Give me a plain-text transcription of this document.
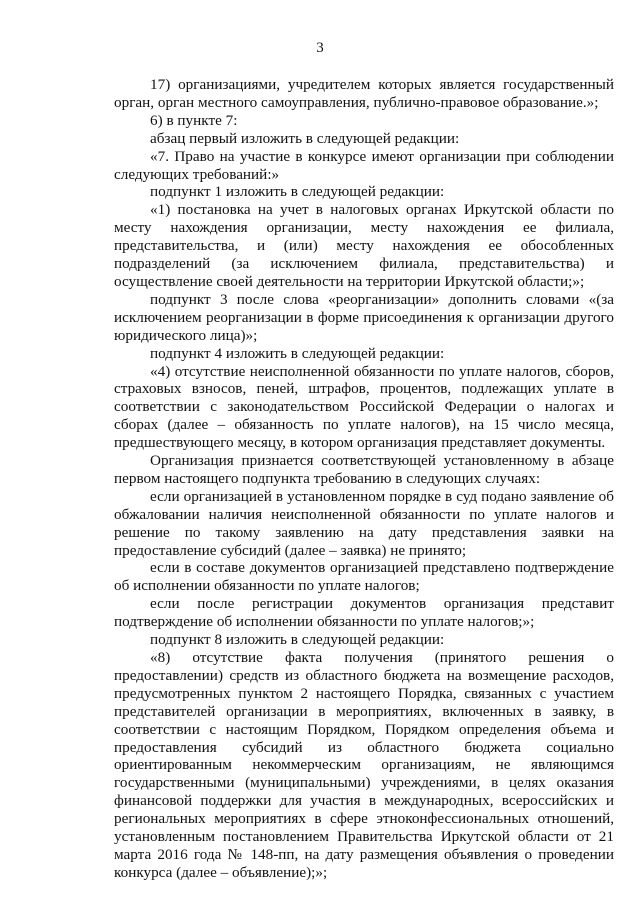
3

17) организациями, учредителем которых является государственный орган, орган местного самоуправления, публично-правовое образование.»;

6) в пункте 7:

абзац первый изложить в следующей редакции:

«7. Право на участие в конкурсе имеют организации при соблюдении следующих требований:»

подпункт 1 изложить в следующей редакции:

«1) постановка на учет в налоговых органах Иркутской области по месту нахождения организации, месту нахождения ее филиала, представительства, и (или) месту нахождения ее обособленных подразделений (за исключением филиала, представительства) и осуществление своей деятельности на территории Иркутской области;»;

подпункт 3 после слова «реорганизации» дополнить словами «(за исключением реорганизации в форме присоединения к организации другого юридического лица)»;

подпункт 4 изложить в следующей редакции:

«4) отсутствие неисполненной обязанности по уплате налогов, сборов, страховых взносов, пеней, штрафов, процентов, подлежащих уплате в соответствии с законодательством Российской Федерации о налогах и сборах (далее – обязанность по уплате налогов), на 15 число месяца, предшествующего месяцу, в котором организация представляет документы.

Организация признается соответствующей установленному в абзаце первом настоящего подпункта требованию в следующих случаях:

если организацией в установленном порядке в суд подано заявление об обжаловании наличия неисполненной обязанности по уплате налогов и решение по такому заявлению на дату представления заявки на предоставление субсидий (далее – заявка) не принято;

если в составе документов организацией представлено подтверждение об исполнении обязанности по уплате налогов;

если после регистрации документов организация представит подтверждение об исполнении обязанности по уплате налогов;»;

подпункт 8 изложить в следующей редакции:

«8) отсутствие факта получения (принятого решения о предоставлении) средств из областного бюджета на возмещение расходов, предусмотренных пунктом 2 настоящего Порядка, связанных с участием представителей организации в мероприятиях, включенных в заявку, в соответствии с настоящим Порядком, Порядком определения объема и предоставления субсидий из областного бюджета социально ориентированным некоммерческим организациям, не являющимся государственными (муниципальными) учреждениями, в целях оказания финансовой поддержки для участия в международных, всероссийских и региональных мероприятиях в сфере этноконфессиональных отношений, установленным постановлением Правительства Иркутской области от 21 марта 2016 года № 148-пп, на дату размещения объявления о проведении конкурса (далее – объявление);»;
